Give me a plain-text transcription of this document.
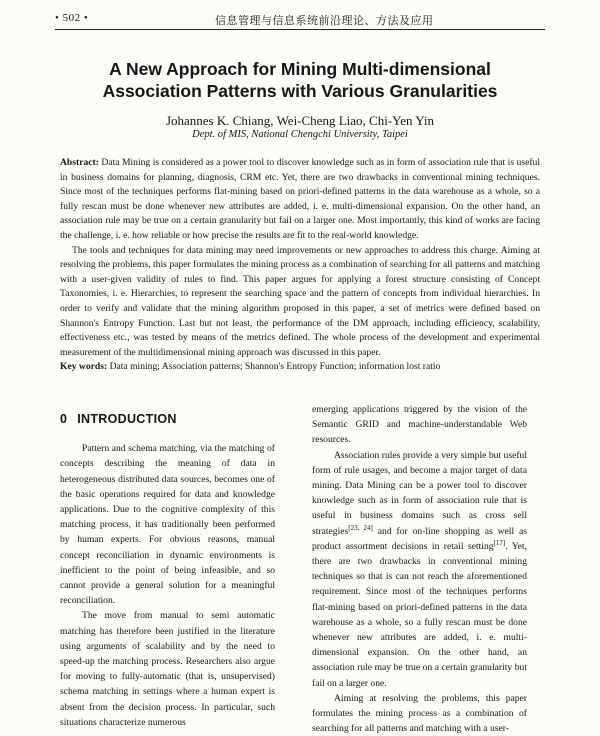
• 502 •	信息管理与信息系统前沿理论、方法及应用
A New Approach for Mining Multi-dimensional
Association Patterns with Various Granularities
Johannes K. Chiang, Wei-Cheng Liao, Chi-Yen Yin
Dept. of MIS, National Chengchi University, Taipei

Abstract: Data Mining is considered as a power tool to discover knowledge such as in form of association rule that is useful in business domains for planning, diagnosis, CRM etc. Yet, there are two drawbacks in conventional mining techniques. Since most of the techniques performs flat-mining based on priori-defined patterns in the data warehouse as a whole, so a fully rescan must be done whenever new attributes are added, i. e. multi-dimensional expansion. On the other hand, an association rule may be true on a certain granularity but fail on a larger one. Most importantly, this kind of works are facing the challenge, i. e. how reliable or how precise the results are fit to the real-world knowledge.

The tools and techniques for data mining may need improvements or new approaches to address this charge. Aiming at resolving the problems, this paper formulates the mining process as a combination of searching for all patterns and matching with a user-given validity of rules to find. This paper argues for applying a forest structure consisting of Concept Taxonomies, i. e. Hierarchies, to represent the searching space and the pattern of concepts from individual hierarchies. In order to verify and validate that the mining algorithm proposed in this paper, a set of metrics were defined based on Shannon's Entropy Function. Last but not least, the performance of the DM approach, including efficiency, scalability, effectiveness etc., was tested by means of the metrics defined. The whole process of the development and experimental measurement of the multidimensional mining approach was discussed in this paper.

Key words: Data mining; Association patterns; Shannon's Entropy Function; information lost ratio

0 INTRODUCTION

Pattern and schema matching, via the matching of concepts describing the meaning of data in heterogeneous distributed data sources, becomes one of the basic operations required for data and knowledge applications. Due to the cognitive complexity of this matching process, it has traditionally been performed by human experts. For obvious reasons, manual concept reconciliation in dynamic environments is inefficient to the point of being infeasible, and so cannot provide a general solution for a meaningful reconciliation.

The move from manual to semi automatic matching has therefore been justified in the literature using arguments of scalability and by the need to speed-up the matching process. Researchers also argue for moving to fully-automatic (that is, unsupervised) schema matching in settings where a human expert is absent from the decision process. In particular, such situations characterize numerous

emerging applications triggered by the vision of the Semantic GRID and machine-understandable Web resources.

Association rules provide a very simple but useful form of rule usages, and become a major target of data mining. Data Mining can be a power tool to discover knowledge such as in form of association rule that is useful in business domains such as cross sell strategies[23, 24] and for on-line shopping as well as product assortment decisions in retail setting[17]. Yet, there are two drawbacks in conventional mining techniques so that is can not reach the aforementioned requirement. Since most of the techniques performs flat-mining based on priori-defined patterns in the data warehouse as a whole, so a fully rescan must be done whenever new attributes are added, i. e. multi-dimensional expansion. On the other hand, an association rule may be true on a certain granularity but fail on a larger one.

Aiming at resolving the problems, this paper formulates the mining process as a combination of searching for all patterns and matching with a user-
